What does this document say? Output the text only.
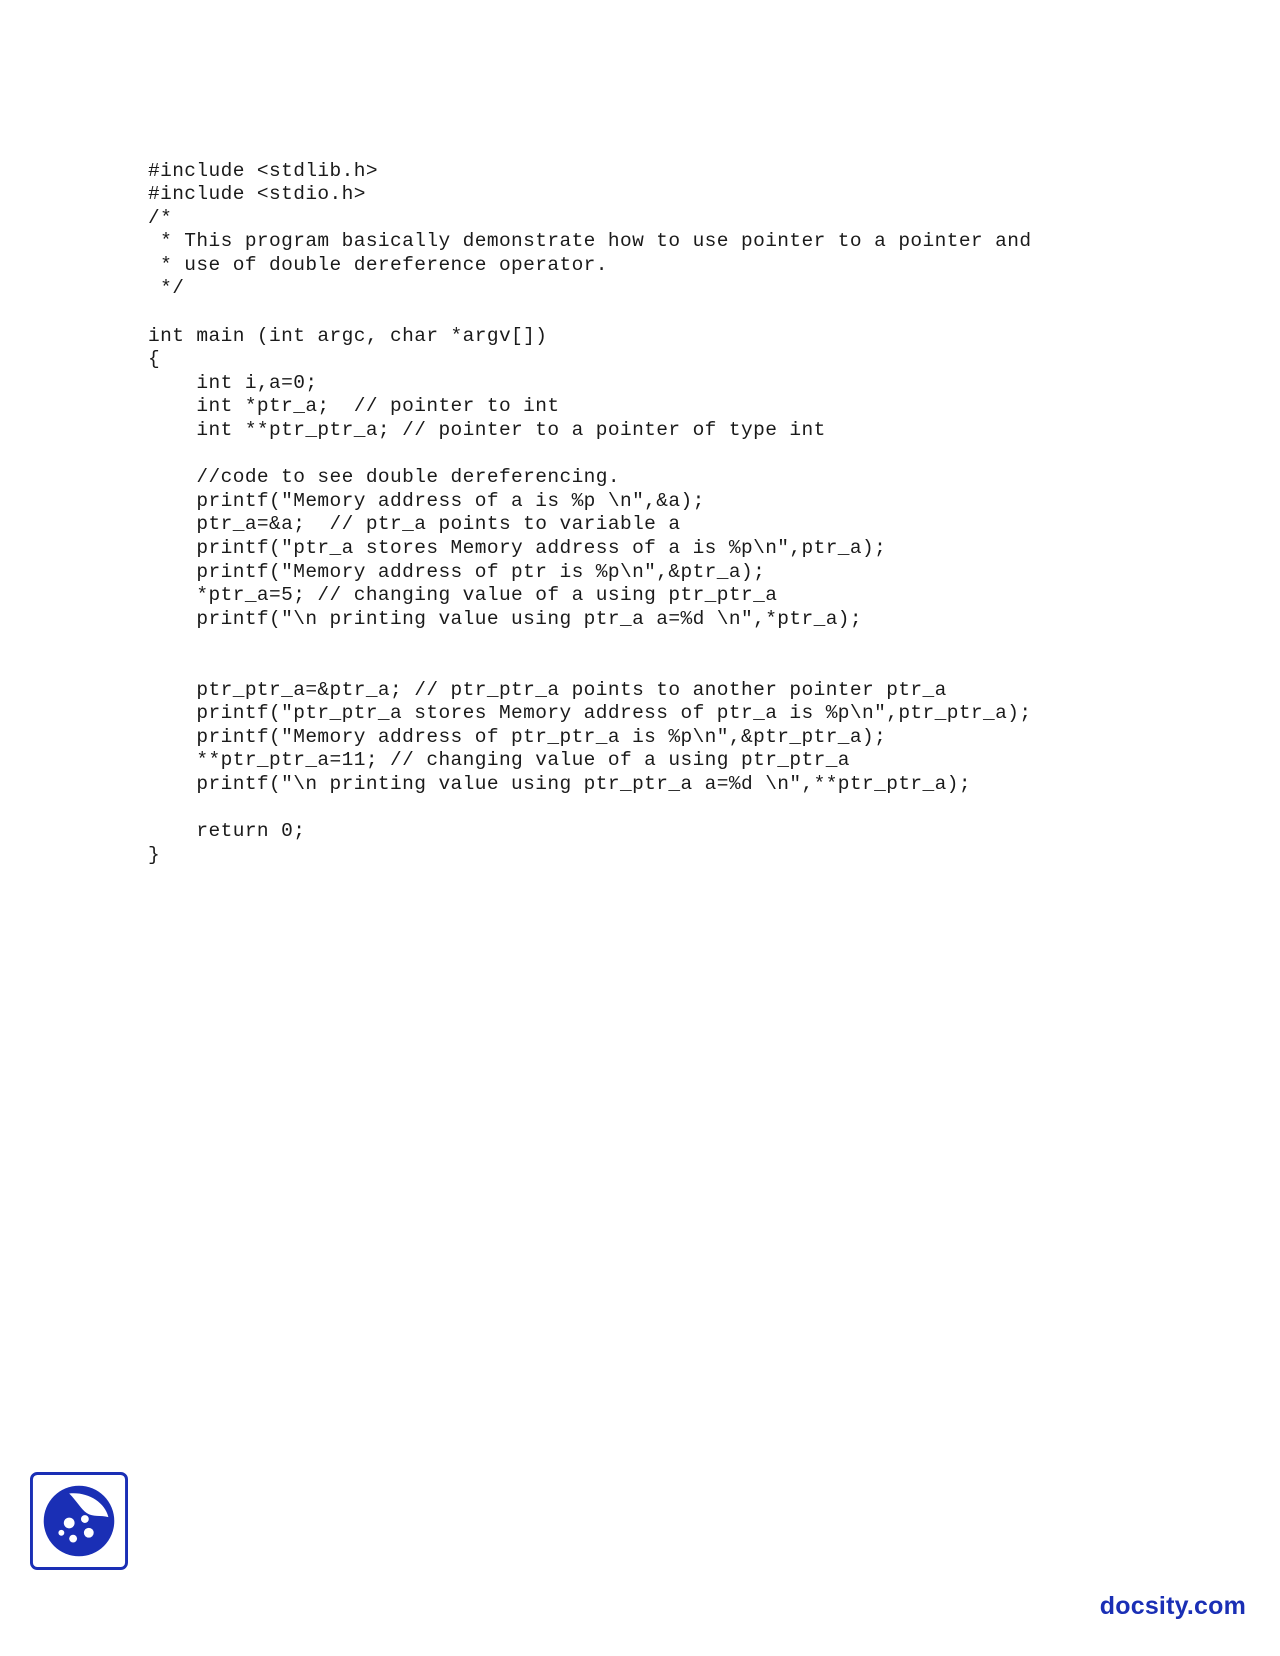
#include <stdlib.h>
#include <stdio.h>
/*
* This program basically demonstrate how to use pointer to a pointer and
* use of double dereference operator.
*/

int main (int argc, char *argv[])
{
int i,a=0;
int *ptr_a;  // pointer to int
int **ptr_ptr_a; // pointer to a pointer of type int

//code to see double dereferencing.
printf("Memory address of a is %p \n",&a);
ptr_a=&a;  // ptr_a points to variable a
printf("ptr_a stores Memory address of a is %p\n",ptr_a);
printf("Memory address of ptr is %p\n",&ptr_a);
*ptr_a=5; // changing value of a using ptr_ptr_a
printf("\n printing value using ptr_a a=%d \n",*ptr_a);

ptr_ptr_a=&ptr_a; // ptr_ptr_a points to another pointer ptr_a
printf("ptr_ptr_a stores Memory address of ptr_a is %p\n",ptr_ptr_a);
printf("Memory address of ptr_ptr_a is %p\n",&ptr_ptr_a);
**ptr_ptr_a=11; // changing value of a using ptr_ptr_a
printf("\n printing value using ptr_ptr_a a=%d \n",**ptr_ptr_a);

return 0;
}
docsity.com
